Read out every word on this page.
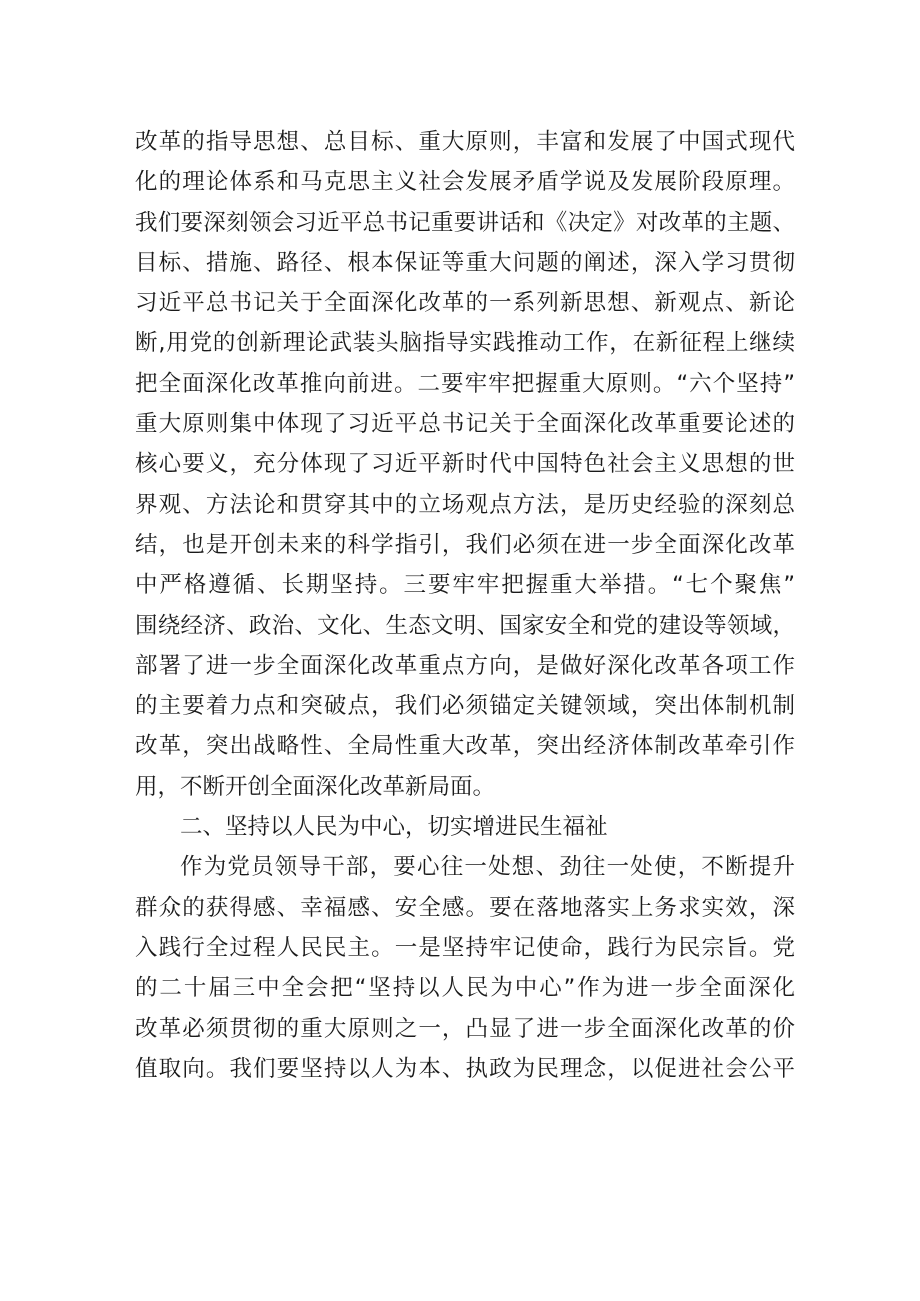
改革的指导思想、总目标、重大原则，丰富和发展了中国式现代
化的理论体系和马克思主义社会发展矛盾学说及发展阶段原理。
我们要深刻领会习近平总书记重要讲话和《决定》对改革的主题、
目标、措施、路径、根本保证等重大问题的阐述，深入学习贯彻
习近平总书记关于全面深化改革的一系列新思想、新观点、新论
断,用党的创新理论武装头脑指导实践推动工作，在新征程上继续
把全面深化改革推向前进。二要牢牢把握重大原则。“六个坚持”
重大原则集中体现了习近平总书记关于全面深化改革重要论述的
核心要义，充分体现了习近平新时代中国特色社会主义思想的世
界观、方法论和贯穿其中的立场观点方法，是历史经验的深刻总
结，也是开创未来的科学指引，我们必须在进一步全面深化改革
中严格遵循、长期坚持。三要牢牢把握重大举措。“七个聚焦”
围绕经济、政治、文化、生态文明、国家安全和党的建设等领域，
部署了进一步全面深化改革重点方向，是做好深化改革各项工作
的主要着力点和突破点，我们必须锚定关键领域，突出体制机制
改革，突出战略性、全局性重大改革，突出经济体制改革牵引作
用，不断开创全面深化改革新局面。
二、坚持以人民为中心，切实增进民生福祉
作为党员领导干部，要心往一处想、劲往一处使，不断提升
群众的获得感、幸福感、安全感。要在落地落实上务求实效，深
入践行全过程人民民主。一是坚持牢记使命，践行为民宗旨。党
的二十届三中全会把“坚持以人民为中心”作为进一步全面深化
改革必须贯彻的重大原则之一，凸显了进一步全面深化改革的价
值取向。我们要坚持以人为本、执政为民理念，以促进社会公平
